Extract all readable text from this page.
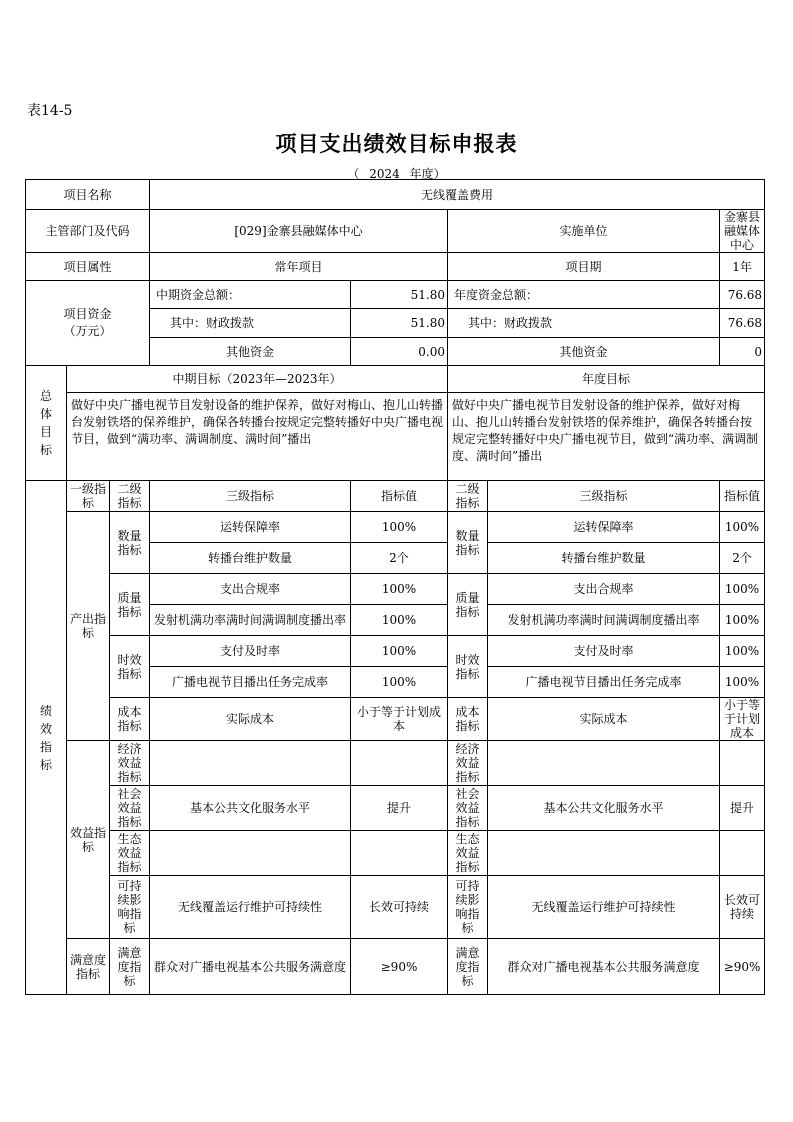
表14-5
项目支出绩效目标申报表
（ 2024 年度）
项目名称			无线覆盖费用				
主管部门及代码			[029]金寨县融媒体中心		实施单位		金寨县融媒体中心
项目属性			常年项目		项目期		1年
项目资金
（万元）			中期资金总额：	51.80	年度资金总额：		76.68
			其中：财政拨款	51.80	其中：财政拨款		76.68
			其他资金	0.00	其他资金		0
总体目标	中期目标（2023年—2023年）				年度目标		
	做好中央广播电视节目发射设备的维护保养，做好对梅山、抱儿山转播台发射铁塔的保养维护，确保各转播台按规定完整转播好中央广播电视节目，做到“满功率、满调制度、满时间”播出				做好中央广播电视节目发射设备的维护保养，做好对梅山、抱儿山转播台发射铁塔的保养维护，确保各转播台按规定完整转播好中央广播电视节目，做到“满功率、满调制度、满时间”播出		
绩效指标	一级指标	二级指标	三级指标	指标值	二级指标	三级指标	指标值
	产出指标	数量指标	运转保障率	100%	数量指标	运转保障率	100%
			转播台维护数量	2个		转播台维护数量	2个
		质量指标	支出合规率	100%	质量指标	支出合规率	100%
			发射机满功率满时间满调制度播出率	100%		发射机满功率满时间满调制度播出率	100%
		时效指标	支付及时率	100%	时效指标	支付及时率	100%
			广播电视节目播出任务完成率	100%		广播电视节目播出任务完成率	100%
		成本指标	实际成本	小于等于计划成本	成本指标	实际成本	小于等于计划成本
	效益指标	经济效益指标			经济效益指标		
		社会效益指标	基本公共文化服务水平	提升	社会效益指标	基本公共文化服务水平	提升
		生态效益指标			生态效益指标		
		可持续影响指标	无线覆盖运行维护可持续性	长效可持续	可持续影响指标	无线覆盖运行维护可持续性	长效可持续
	满意度指标	满意度指标	群众对广播电视基本公共服务满意度	≥90%	满意度指标	群众对广播电视基本公共服务满意度	≥90%
